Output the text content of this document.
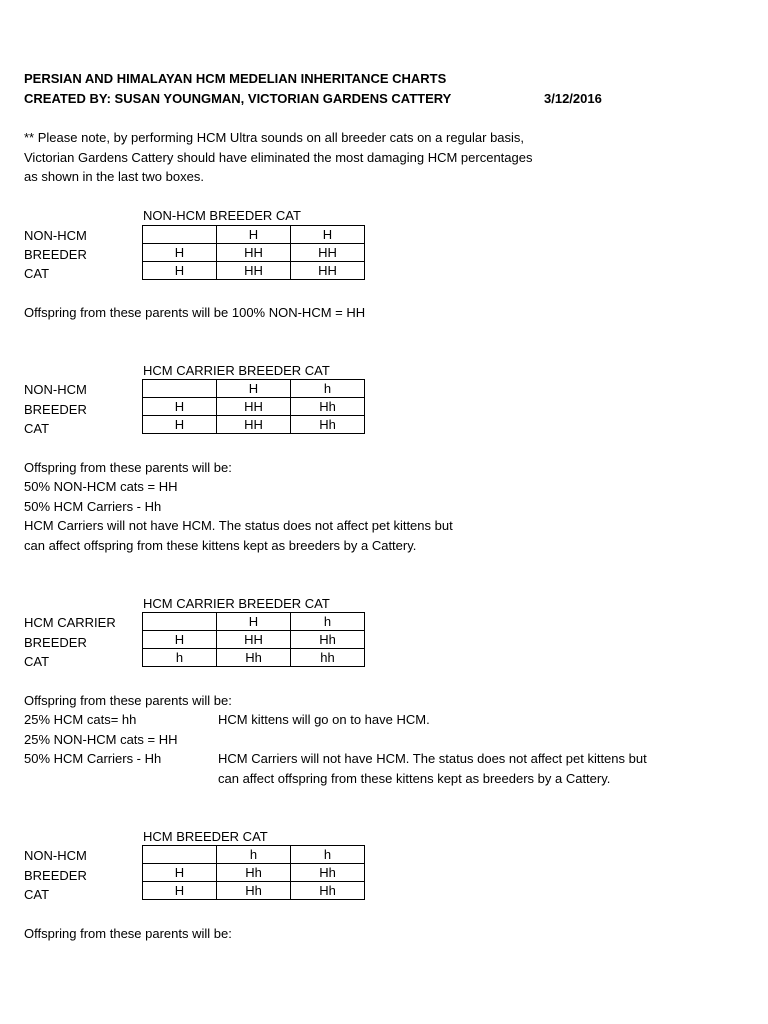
PERSIAN AND HIMALAYAN HCM MEDELIAN INHERITANCE CHARTS
CREATED BY: SUSAN YOUNGMAN, VICTORIAN GARDENS CATTERY	3/12/2016
** Please note, by performing HCM Ultra sounds on all breeder cats on a regular basis,
Victorian Gardens Cattery should have eliminated the most damaging HCM percentages
as shown in the last two boxes.
NON-HCM BREEDER CAT
NON-HCM
BREEDER
CAT
	H	H
H	HH	HH
H	HH	HH
Offspring from these parents will be 100% NON-HCM = HH
HCM CARRIER BREEDER CAT
NON-HCM
BREEDER
CAT
	H	h
H	HH	Hh
H	HH	Hh
Offspring from these parents will be:
50% NON-HCM cats = HH
50% HCM Carriers - Hh
HCM Carriers will not have HCM. The status does not affect pet kittens but
can affect offspring from these kittens kept as breeders by a Cattery.
HCM CARRIER BREEDER CAT
HCM CARRIER
BREEDER
CAT
	H	h
H	HH	Hh
h	Hh	hh
Offspring from these parents will be:
25% HCM cats= hh
25% NON-HCM cats = HH
50% HCM Carriers - Hh
HCM kittens will go on to have HCM.
HCM Carriers will not have HCM. The status does not affect pet kittens but
can affect offspring from these kittens kept as breeders by a Cattery.
HCM BREEDER CAT
NON-HCM
BREEDER
CAT
	h	h
H	Hh	Hh
H	Hh	Hh
Offspring from these parents will be:
